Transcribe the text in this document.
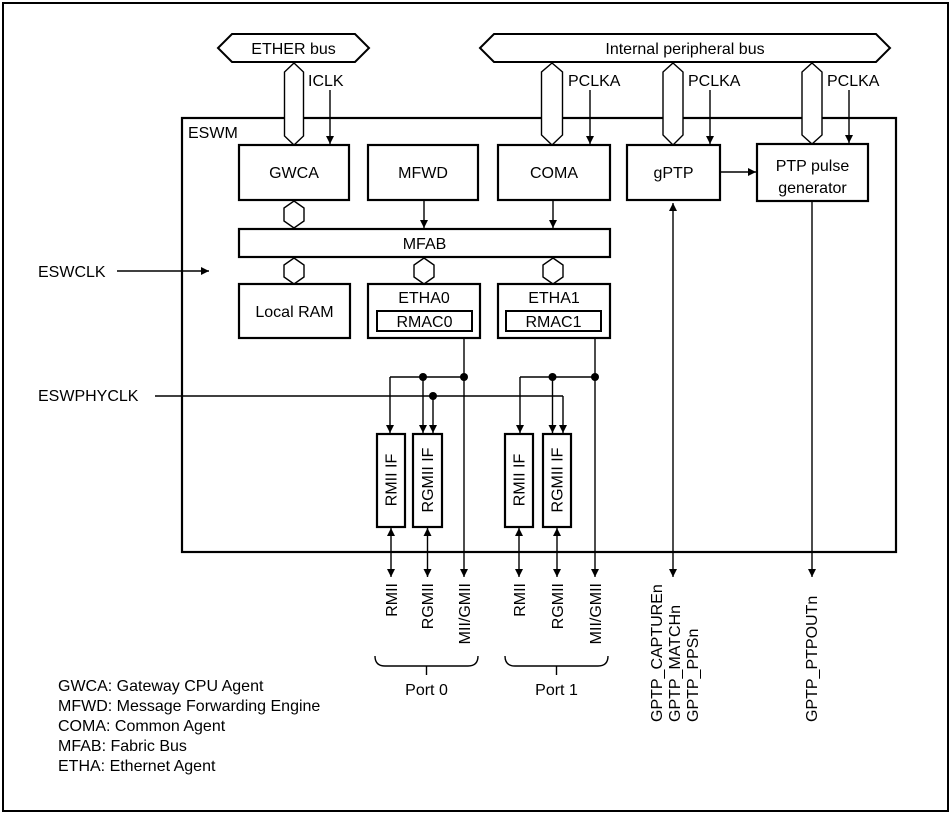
ETHER bus	Internal peripheral bus
ESWM
ICLK	PCLKA	PCLKA	PCLKA
ESWCLK
ESWPHYCLK
GWCA	MFWD	COMA	gPTP	PTP pulse
generator
MFAB
Local RAM
ETHA0
RMAC0
ETHA1
RMAC1
RMII IF RGMII IF	RMII IF RGMII IF
RMII RGMII MII/GMII RMII RGMII MII/GMII	GPTP_CAPTUREn GPTP_MATCHn GPTP_PPSn	GPTP_PTPOUTn
Port 0	Port 1
GWCA: Gateway CPU Agent
MFWD: Message Forwarding Engine
COMA: Common Agent
MFAB: Fabric Bus
ETHA: Ethernet Agent
